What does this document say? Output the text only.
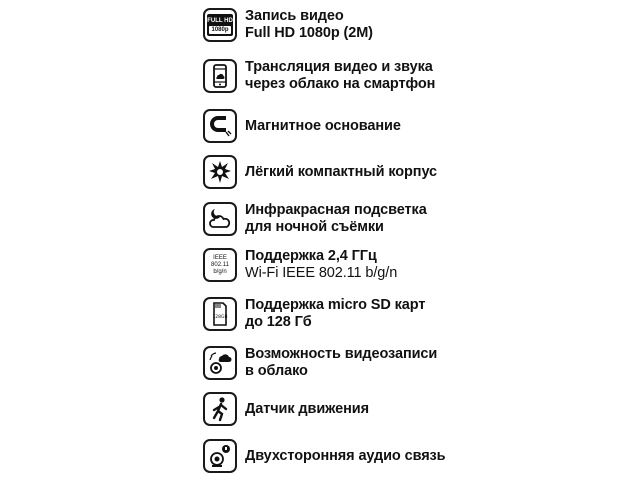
FULL HD
1080p
Запись видео
Full HD 1080p (2M)
Трансляция видео и звука
через облако на смартфон
Магнитное основание
Лёгкий компактный корпус
Инфракрасная подсветка
для ночной съёмки
IEEE
802.11
b/g/n
Поддержка 2,4 ГГц
Wi-Fi IEEE 802.11 b/g/n
128GB
Поддержка micro SD карт
до 128 Гб
Возможность видеозаписи
в облако
Датчик движения
Двухсторонняя аудио связь
